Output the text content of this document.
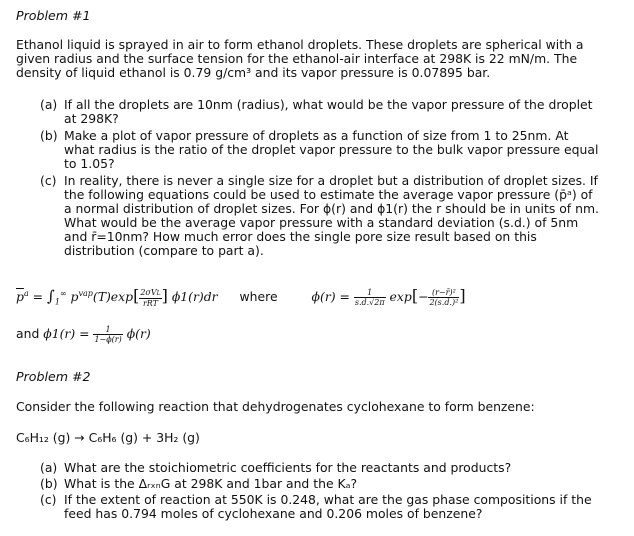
Problem #1
Ethanol liquid is sprayed in air to form ethanol droplets. These droplets are spherical with a given radius and the surface tension for the ethanol-air interface at 298K is 22 mN/m. The density of liquid ethanol is 0.79 g/cm³ and its vapor pressure is 0.07895 bar.
(a) If all the droplets are 10nm (radius), what would be the vapor pressure of the droplet at 298K?
(b) Make a plot of vapor pressure of droplets as a function of size from 1 to 25nm. At what radius is the ratio of the droplet vapor pressure to the bulk vapor pressure equal to 1.05?
(c) In reality, there is never a single size for a droplet but a distribution of droplet sizes. If the following equations could be used to estimate the average vapor pressure (p̄ᵃ) of a normal distribution of droplet sizes. For ϕ(r) and ϕ1(r) the r should be in units of nm. What would be the average vapor pressure with a standard deviation (s.d.) of 5nm and r̄=10nm? How much error does the single pore size result based on this distribution (compare to part a).
$\overline{p}^a = \int_1^\infty$ $p^{vap}(T)\exp[ \frac{\text{2σVL}}{\text{rRT}}$ ] ϕ1(r)dr where	$\phi(r) = \frac{1}{s.d.√2\pi} \exp[- \frac{\text{(r−r̄)²}}{\text{2(s.d.)²}}$ ]
and $\phi 1(r) = \frac{1}{1-\phi(r)} \phi(r)$
Problem #2
Consider the following reaction that dehydrogenates cyclohexane to form benzene:
C₆H₁₂ (g) → C₆H₆ (g) + 3H₂ (g)
(a) What are the stoichiometric coefficients for the reactants and products?
(b) What is the ΔᵣₓₙG at 298K and 1bar and the Kₐ?
(c) If the extent of reaction at 550K is 0.248, what are the gas phase compositions if the feed has 0.794 moles of cyclohexane and 0.206 moles of benzene?
